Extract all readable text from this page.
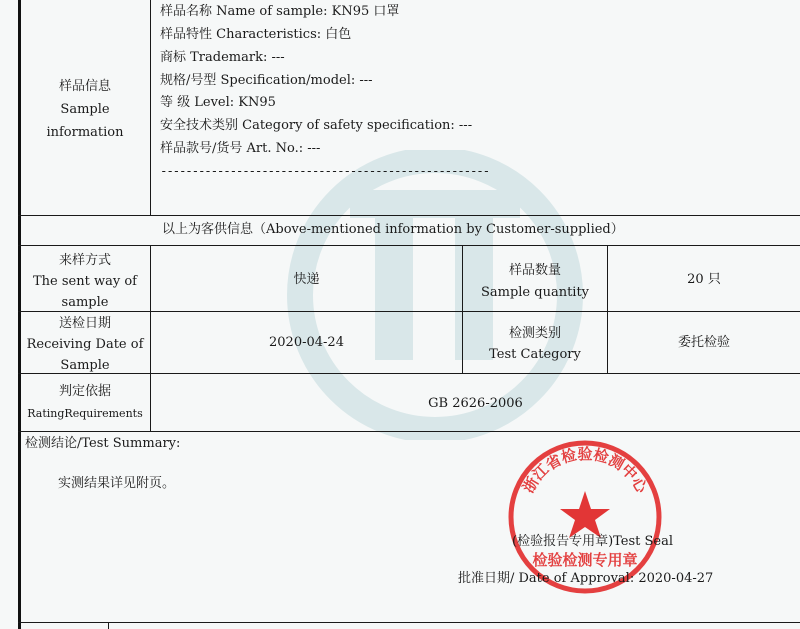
样品信息
Sample
information
样品名称 Name of sample: KN95 口罩
样品特性 Characteristics: 白色
商标 Trademark: ---
规格/号型 Specification/model: ---
等 级 Level: KN95
安全技术类别 Category of safety specification: ---
样品款号/货号 Art. No.: ---
----------------------------------------------------
以上为客供信息（Above-mentioned information by Customer-supplied）
来样方式
The sent way of
sample
快递
样品数量
Sample quantity
20 只
送检日期
Receiving Date of
Sample
2020-04-24
检测类别
Test Category
委托检验
判定依据
RatingRequirements
GB 2626-2006
检测结论/Test Summary:
实测结果详见附页。	浙江省检验检测中心
检验检测专用章
(检验报告专用章)Test Seal
批准日期/ Date of Approval: 2020-04-27
